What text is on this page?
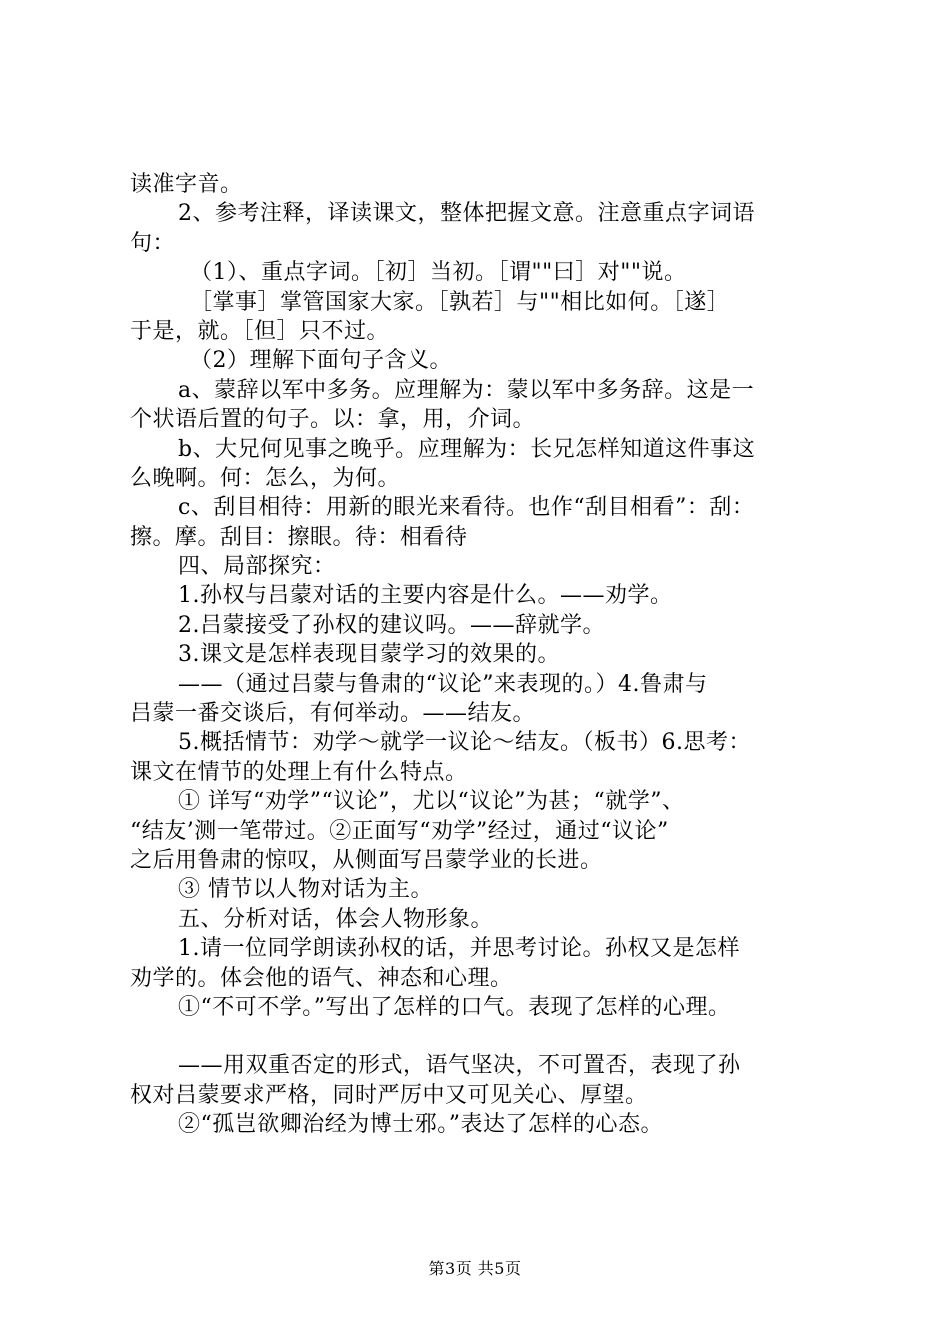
读准字音。
2、参考注释，译读课文，整体把握文意。注意重点字词语
句：
（1）、重点字词。［初］当初。［谓""曰］对""说。
［掌事］掌管国家大家。［孰若］与""相比如何。［遂］
于是，就。［但］只不过。
（2）理解下面句子含义。
a、蒙辞以军中多务。应理解为：蒙以军中多务辞。这是一
个状语后置的句子。以：拿，用，介词。
b、大兄何见事之晚乎。应理解为：长兄怎样知道这件事这
么晚啊。何：怎么，为何。
c、刮目相待：用新的眼光来看待。也作“刮目相看”：刮：
擦。摩。刮目：擦眼。待：相看待
四、局部探究：
1.孙权与吕蒙对话的主要内容是什么。——劝学。
2.吕蒙接受了孙权的建议吗。——辞就学。
3.课文是怎样表现目蒙学习的效果的。
——（通过吕蒙与鲁肃的“议论”来表现的。）4.鲁肃与
吕蒙一番交谈后，有何举动。——结友。
5.概括情节：劝学～就学一议论～结友。（板书）6.思考：
课文在情节的处理上有什么特点。
① 详写“劝学”“议论”，尤以“议论”为甚；“就学”、
“结友’测一笔带过。②正面写“劝学”经过，通过“议论”
之后用鲁肃的惊叹，从侧面写吕蒙学业的长进。
③ 情节以人物对话为主。
五、分析对话，体会人物形象。
1.请一位同学朗读孙权的话，并思考讨论。孙权又是怎样
劝学的。体会他的语气、神态和心理。
①“不可不学。”写出了怎样的口气。表现了怎样的心理。
——用双重否定的形式，语气坚决，不可置否，表现了孙
权对吕蒙要求严格，同时严厉中又可见关心、厚望。
②“孤岂欲卿治经为博士邪。”表达了怎样的心态。
第3页 共5页
